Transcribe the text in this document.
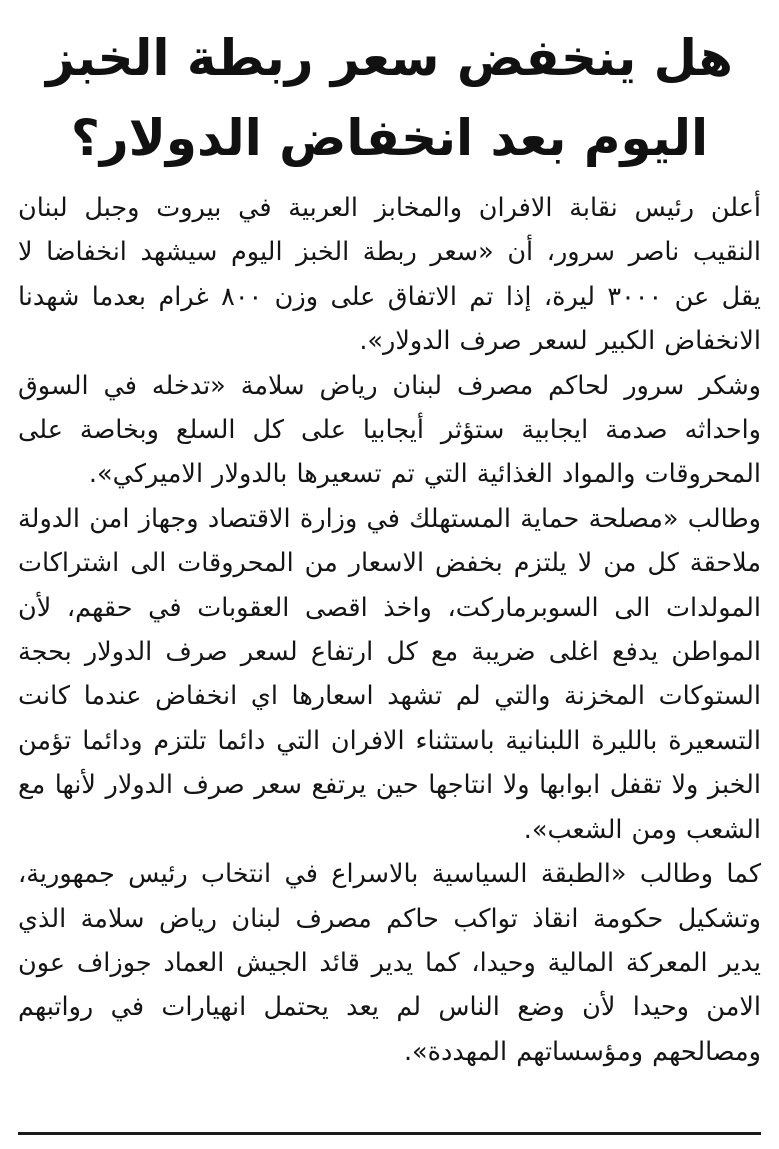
هل ينخفض سعر ربطة الخبز
اليوم بعد انخفاض الدولار؟

أعلن رئيس نقابة الافران والمخابز العربية في بيروت وجبل لبنان النقيب ناصر سرور، أن «سعر ربطة الخبز اليوم سيشهد انخفاضا لا يقل عن ٣٠٠٠ ليرة، إذا تم الاتفاق على وزن ٨٠٠ غرام بعدما شهدنا الانخفاض الكبير لسعر صرف الدولار».

وشكر سرور لحاكم مصرف لبنان رياض سلامة «تدخله في السوق واحداثه صدمة ايجابية ستؤثر أيجابيا على كل السلع وبخاصة على المحروقات والمواد الغذائية التي تم تسعيرها بالدولار الاميركي».

وطالب «مصلحة حماية المستهلك في وزارة الاقتصاد وجهاز امن الدولة ملاحقة كل من لا يلتزم بخفض الاسعار من المحروقات الى اشتراكات المولدات الى السوبرماركت، واخذ اقصى العقوبات في حقهم، لأن المواطن يدفع اغلى ضريبة مع كل ارتفاع لسعر صرف الدولار بحجة الستوكات المخزنة والتي لم تشهد اسعارها اي انخفاض عندما كانت التسعيرة بالليرة اللبنانية باستثناء الافران التي دائما تلتزم ودائما تؤمن الخبز ولا تقفل ابوابها ولا انتاجها حين يرتفع سعر صرف الدولار لأنها مع الشعب ومن الشعب».

كما وطالب «الطبقة السياسية بالاسراع في انتخاب رئيس جمهورية، وتشكيل حكومة انقاذ تواكب حاكم مصرف لبنان رياض سلامة الذي يدير المعركة المالية وحيدا، كما يدير قائد الجيش العماد جوزاف عون الامن وحيدا لأن وضع الناس لم يعد يحتمل انهيارات في رواتبهم ومصالحهم ومؤسساتهم المهددة».
